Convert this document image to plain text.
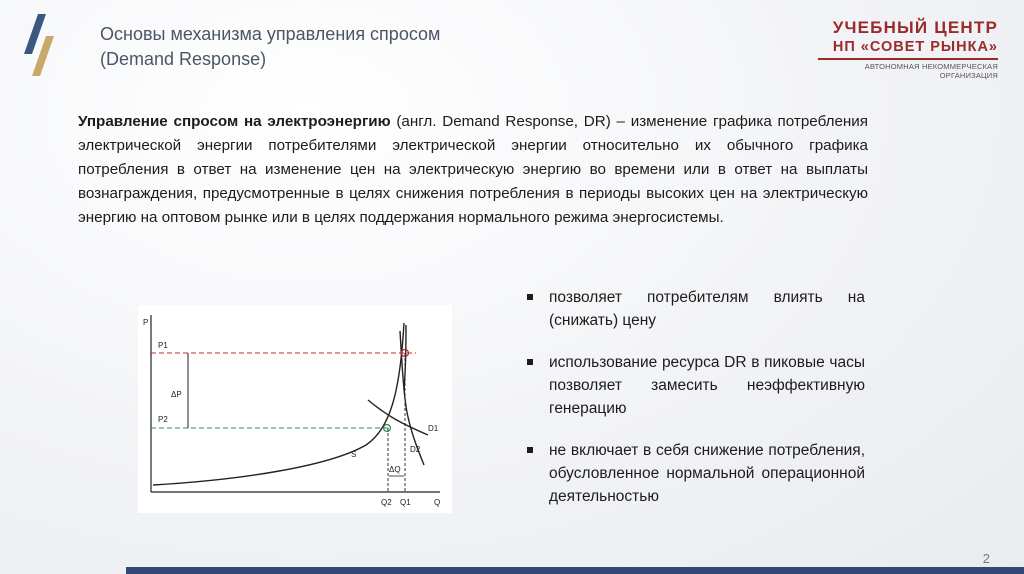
Основы механизма управления спросом
(Demand Response)
УЧЕБНЫЙ ЦЕНТР
НП «СОВЕТ РЫНКА»
АВТОНОМНАЯ НЕКОММЕРЧЕСКАЯ ОРГАНИЗАЦИЯ
Управление спросом на электроэнергию (англ. Demand Response, DR) – изменение графика потребления электрической энергии потребителями электрической энергии относительно их обычного графика потребления в ответ на изменение цен на электрическую энергию во времени или в ответ на выплаты вознаграждения, предусмотренные в целях снижения потребления в периоды высоких цен на электрическую энергию на оптовом рынке или в целях поддержания нормального режима энергосистемы.
P
Q
P1
P2
ΔP
S
D1
D2
ΔQ
Q2 Q1
позволяет потребителям влиять на (снижать) цену
использование ресурса DR в пиковые часы позволяет замесить неэффективную генерацию
не включает в себя снижение потребления, обусловленное нормальной операционной деятельностью
2
